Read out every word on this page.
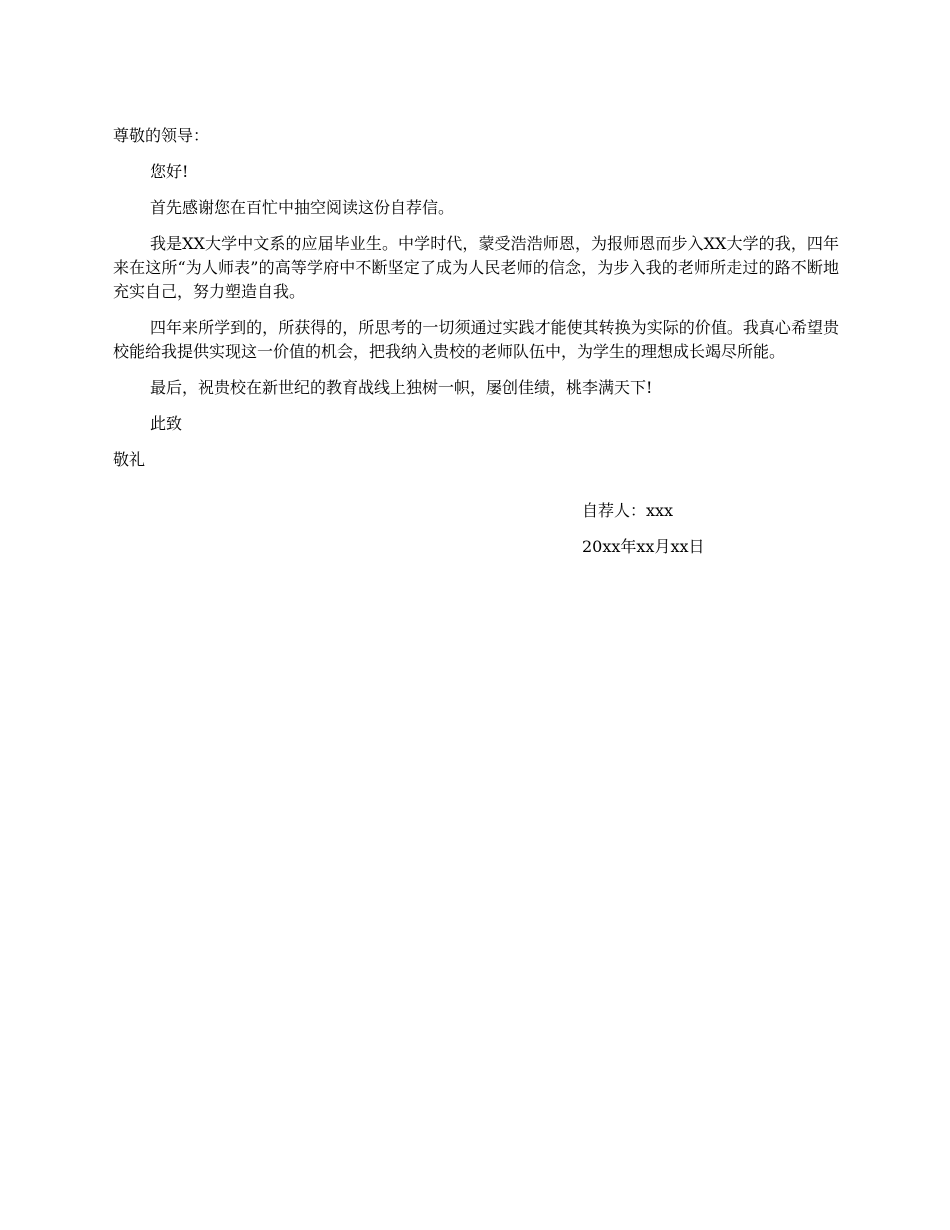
尊敬的领导：

您好!

首先感谢您在百忙中抽空阅读这份自荐信。

我是XX大学中文系的应届毕业生。中学时代，蒙受浩浩师恩，为报师恩而步入XX大学的我，四年来在这所“为人师表”的高等学府中不断坚定了成为人民老师的信念，为步入我的老师所走过的路不断地充实自己，努力塑造自我。

四年来所学到的，所获得的，所思考的一切须通过实践才能使其转换为实际的价值。我真心希望贵校能给我提供实现这一价值的机会，把我纳入贵校的老师队伍中，为学生的理想成长竭尽所能。

最后，祝贵校在新世纪的教育战线上独树一帜，屡创佳绩，桃李满天下!

此致

敬礼

自荐人：xxx

20xx年xx月xx日
